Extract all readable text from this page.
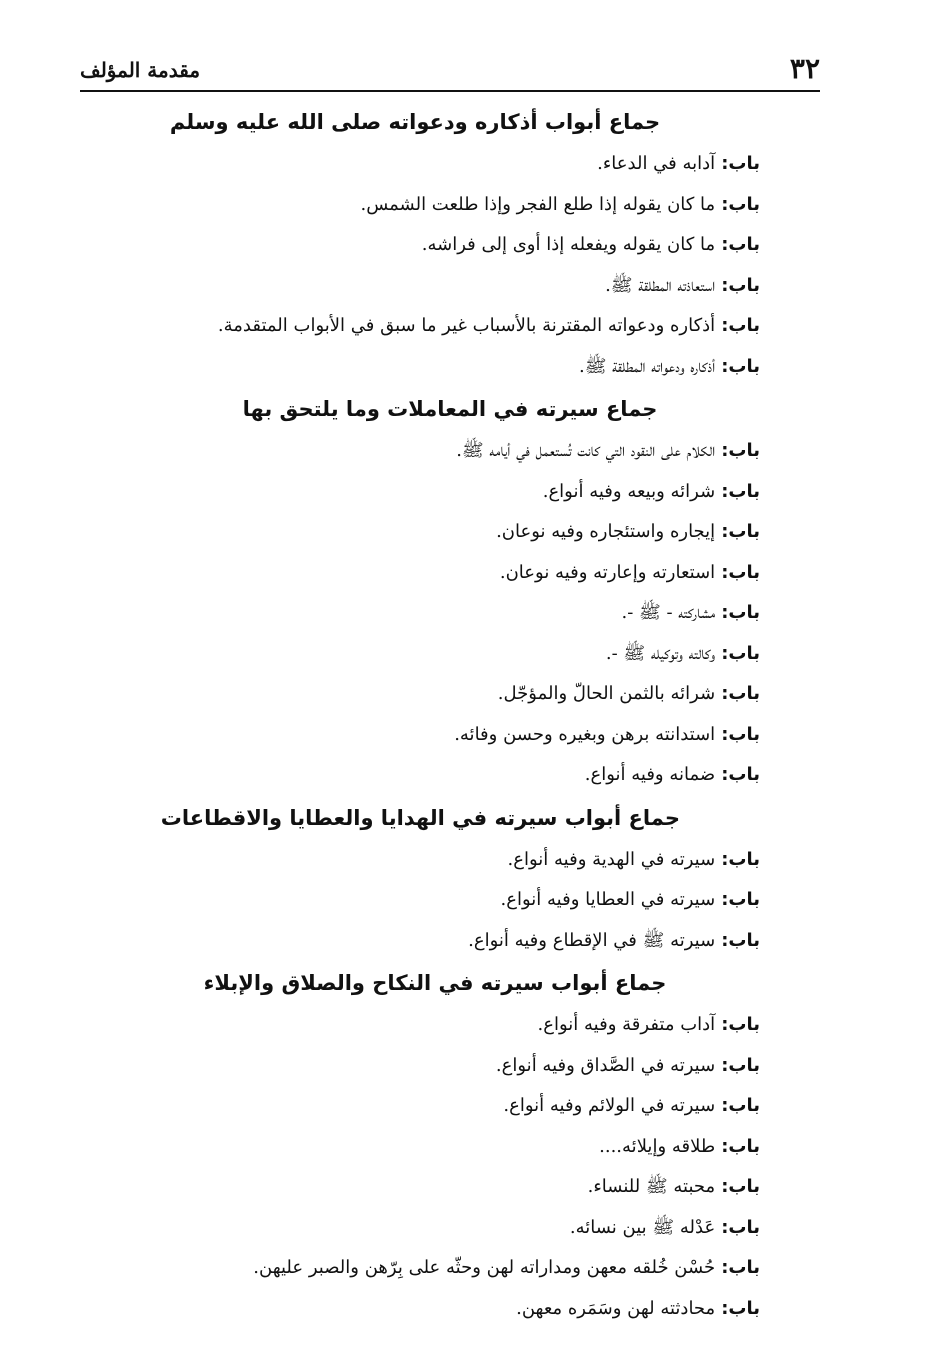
٣٢
مقدمة المؤلف
جماع أبواب أذكاره ودعواته صلى الله عليه وسلم
باب:آدابه في الدعاء.
باب:ما كان يقوله إذا طلع الفجر وإذا طلعت الشمس.
باب:ما كان يقوله ويفعله إذا أوى إلى فراشه.
باب:استعاذته المطلقة ﷺ.
باب:أذكاره ودعواته المقترنة بالأسباب غير ما سبق في الأبواب المتقدمة.
باب:أذكاره ودعواته المطلقة ﷺ.
جماع سيرته في المعاملات وما يلتحق بها
باب:الكلام على النقود التي كانت تُستعمل في أيامه ﷺ.
باب:شرائه وبيعه وفيه أنواع.
باب:إيجاره واستئجاره وفيه نوعان.
باب:استعارته وإعارته وفيه نوعان.
باب:مشاركته - ﷺ -.
باب:وكالته وتوكيله ﷺ -.
باب:شرائه بالثمن الحالّ والمؤجّل.
باب:استدانته برهن وبغيره وحسن وفائه.
باب:ضمانه وفيه أنواع.
جماع أبواب سيرته في الهدايا والعطايا والاقطاعات
باب:سيرته في الهدية وفيه أنواع.
باب:سيرته في العطايا وفيه أنواع.
باب:سيرته ﷺ في الإقطاع وفيه أنواع.
جماع أبواب سيرته في النكاح والصلاق والإبلاء
باب:آداب متفرقة وفيه أنواع.
باب:سيرته في الصَّداق وفيه أنواع.
باب:سيرته في الولائم وفيه أنواع.
باب:طلاقه وإيلائه....
باب:محبته ﷺ للنساء.
باب:عَدْله ﷺ بين نسائه.
باب:حُسْن خُلقه معهن ومداراته لهن وحثّه على بِرّهن والصبر عليهن.
باب:محادثته لهن وسَمَره معهن.
